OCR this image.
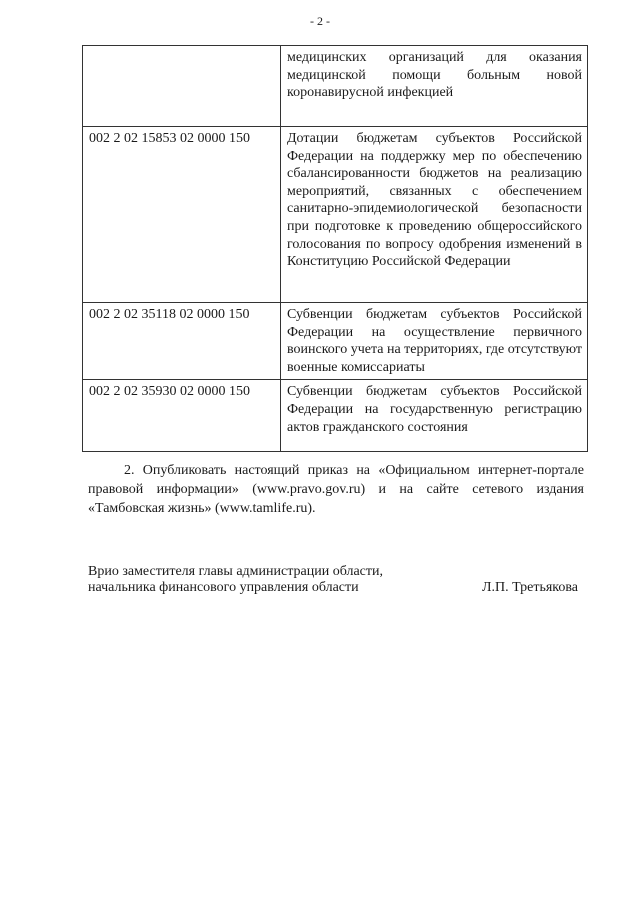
- 2 -
	медицинских организаций для оказания медицинской помощи больным новой коронавирусной инфекцией
002 2 02 15853 02 0000 150	Дотации бюджетам субъектов Российской Федерации на поддержку мер по обеспечению сбалансированности бюджетов на реализацию мероприятий, связанных с обеспечением санитарно-эпидемиологической безопасности при подготовке к проведению общероссийского голосования по вопросу одобрения изменений в Конституцию Российской Федерации
002 2 02 35118 02 0000 150	Субвенции бюджетам субъектов Российской Федерации на осуществление первичного воинского учета на территориях, где отсутствуют военные комиссариаты
002 2 02 35930 02 0000 150	Субвенции бюджетам субъектов Российской Федерации на государственную регистрацию актов гражданского состояния

2. Опубликовать настоящий приказ на «Официальном интернет-портале правовой информации» (www.pravo.gov.ru) и на сайте сетевого издания «Тамбовская жизнь» (www.tamlife.ru).

Врио заместителя главы администрации области,
начальника финансового управления области	Л.П. Третьякова
